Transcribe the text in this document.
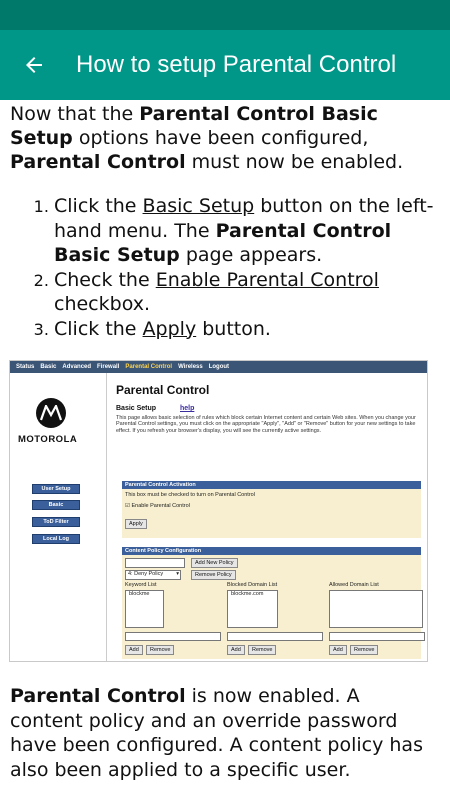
How to setup Parental Control

Now that the Parental Control Basic Setup options have been configured, Parental Control must now be enabled.

1. Click the Basic Setup button on the left-hand menu. The Parental Control Basic Setup page appears.
2. Check the Enable Parental Control checkbox.
3. Click the Apply button.
Status Basic Advanced Firewall Parental Control Wireless Logout
MOTOROLA
User Setup
Basic
ToD Filter
Local Log
Parental Control
Basic Setup	help
This page allows basic selection of rules which block certain Internet content and certain Web sites. When you change your Parental Control settings, you must click on the appropriate "Apply", "Add" or "Remove" button for your new settings to take effect. If you refresh your browser's display, you will see the currently active settings.
Parental Control Activation
This box must be checked to turn on Parental Control
☑ Enable Parental Control
Apply
Content Policy Configuration
Add New Policy
4: Deny Policy ▾	Remove Policy
Keyword List	Blocked Domain List	Allowed Domain List
blockme	blockme.com
Add	Remove	Add	Remove	Add	Remove
Parental Control is now enabled. A content policy and an override password have been configured. A content policy has also been applied to a specific user.
